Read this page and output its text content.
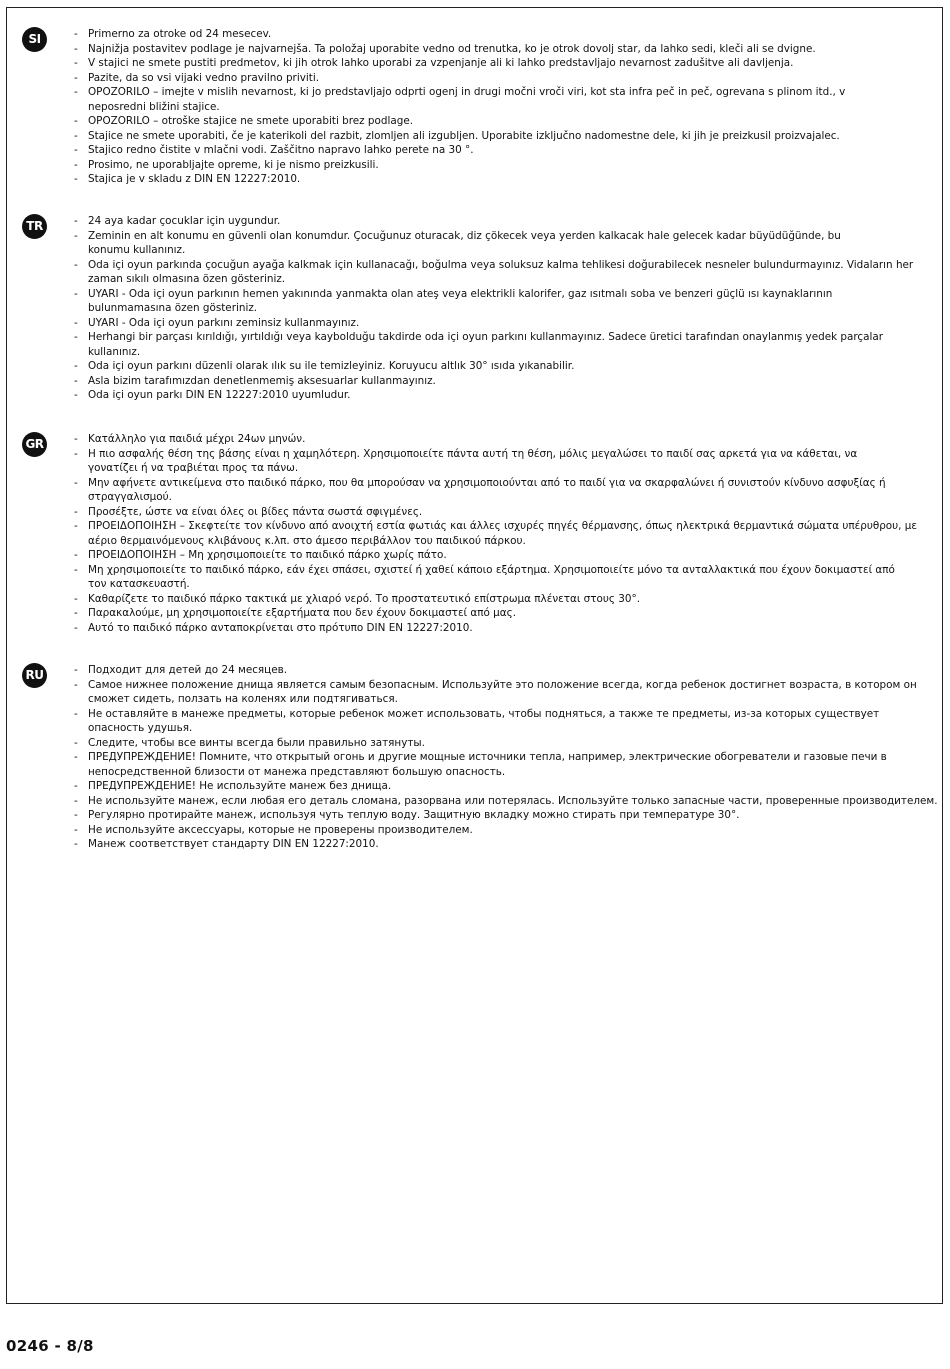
SI	- Primerno za otroke od 24 mesecev.
- Najnižja postavitev podlage je najvarnejša. Ta položaj uporabite vedno od trenutka, ko je otrok dovolj star, da lahko sedi, kleči ali se dvigne.
- V stajici ne smete pustiti predmetov, ki jih otrok lahko uporabi za vzpenjanje ali ki lahko predstavljajo nevarnost zadušitve ali davljenja.
- Pazite, da so vsi vijaki vedno pravilno priviti.
- OPOZORILO – imejte v mislih nevarnost, ki jo predstavljajo odprti ogenj in drugi močni vroči viri, kot sta infra peč in peč, ogrevana s plinom itd., v neposredni bližini stajice.
- OPOZORILO – otroške stajice ne smete uporabiti brez podlage.
- Stajice ne smete uporabiti, če je katerikoli del razbit, zlomljen ali izgubljen. Uporabite izključno nadomestne dele, ki jih je preizkusil proizvajalec.
- Stajico redno čistite v mlačni vodi. Zaščitno napravo lahko perete na 30 °.
- Prosimo, ne uporabljajte opreme, ki je nismo preizkusili.
- Stajica je v skladu z DIN EN 12227:2010.
TR	- 24 aya kadar çocuklar için uygundur.
- Zeminin en alt konumu en güvenli olan konumdur. Çocuğunuz oturacak, diz çökecek veya yerden kalkacak hale gelecek kadar büyüdüğünde, bu konumu kullanınız.
- Oda içi oyun parkında çocuğun ayağa kalkmak için kullanacağı, boğulma veya soluksuz kalma tehlikesi doğurabilecek nesneler bulundurmayınız. Vidaların her zaman sıkılı olmasına özen gösteriniz.
- UYARI - Oda içi oyun parkının hemen yakınında yanmakta olan ateş veya elektrikli kalorifer, gaz ısıtmalı soba ve benzeri güçlü ısı kaynaklarının bulunmamasına özen gösteriniz.
- UYARI - Oda içi oyun parkını zeminsiz kullanmayınız.
- Herhangi bir parçası kırıldığı, yırtıldığı veya kaybolduğu takdirde oda içi oyun parkını kullanmayınız. Sadece üretici tarafından onaylanmış yedek parçalar kullanınız.
- Oda içi oyun parkını düzenli olarak ılık su ile temizleyiniz. Koruyucu altlık 30° ısıda yıkanabilir.
- Asla bizim tarafımızdan denetlenmemiş aksesuarlar kullanmayınız.
- Oda içi oyun parkı DIN EN 12227:2010 uyumludur.
GR	- Κατάλληλο για παιδιά μέχρι 24ων μηνών.
- Η πιο ασφαλής θέση της βάσης είναι η χαμηλότερη. Χρησιμοποιείτε πάντα αυτή τη θέση, μόλις μεγαλώσει το παιδί σας αρκετά για να κάθεται, να γονατίζει ή να τραβιέται προς τα πάνω.
- Μην αφήνετε αντικείμενα στο παιδικό πάρκο, που θα μπορούσαν να χρησιμοποιούνται από το παιδί για να σκαρφαλώνει ή συνιστούν κίνδυνο ασφυξίας ή στραγγαλισμού.
- Προσέξτε, ώστε να είναι όλες οι βίδες πάντα σωστά σφιγμένες.
- ΠΡΟΕΙΔΟΠΟΙΗΣΗ – Σκεφτείτε τον κίνδυνο από ανοιχτή εστία φωτιάς και άλλες ισχυρές πηγές θέρμανσης, όπως ηλεκτρικά θερμαντικά σώματα υπέρυθρου, με αέριο θερμαινόμενους κλιβάνους κ.λπ. στο άμεσο περιβάλλον του παιδικού πάρκου.
- ΠΡΟΕΙΔΟΠΟΙΗΣΗ – Μη χρησιμοποιείτε το παιδικό πάρκο χωρίς πάτο.
- Μη χρησιμοποιείτε το παιδικό πάρκο, εάν έχει σπάσει, σχιστεί ή χαθεί κάποιο εξάρτημα. Χρησιμοποιείτε μόνο τα ανταλλακτικά που έχουν δοκιμαστεί από τον κατασκευαστή.
- Καθαρίζετε το παιδικό πάρκο τακτικά με χλιαρό νερό. Το προστατευτικό επίστρωμα πλένεται στους 30°.
- Παρακαλούμε, μη χρησιμοποιείτε εξαρτήματα που δεν έχουν δοκιμαστεί από μας.
- Αυτό το παιδικό πάρκο ανταποκρίνεται στο πρότυπο DIN EN 12227:2010.
RU	- Подходит для детей до 24 месяцев.
- Самое нижнее положение днища является самым безопасным. Используйте это положение всегда, когда ребенок достигнет возраста, в котором он сможет сидеть, ползать на коленях или подтягиваться.
- Не оставляйте в манеже предметы, которые ребенок может использовать, чтобы подняться, а также те предметы, из-за которых существует опасность удушья.
- Следите, чтобы все винты всегда были правильно затянуты.
- ПРЕДУПРЕЖДЕНИЕ! Помните, что открытый огонь и другие мощные источники тепла, например, электрические обогреватели и газовые печи в непосредственной близости от манежа представляют большую опасность.
- ПРЕДУПРЕЖДЕНИЕ! Не используйте манеж без днища.
- Не используйте манеж, если любая его деталь сломана, разорвана или потерялась. Используйте только запасные части, проверенные производителем.
- Регулярно протирайте манеж, используя чуть теплую воду. Защитную вкладку можно стирать при температуре 30°.
- Не используйте аксессуары, которые не проверены производителем.
- Манеж соответствует стандарту DIN EN 12227:2010.
0246 - 8/8
